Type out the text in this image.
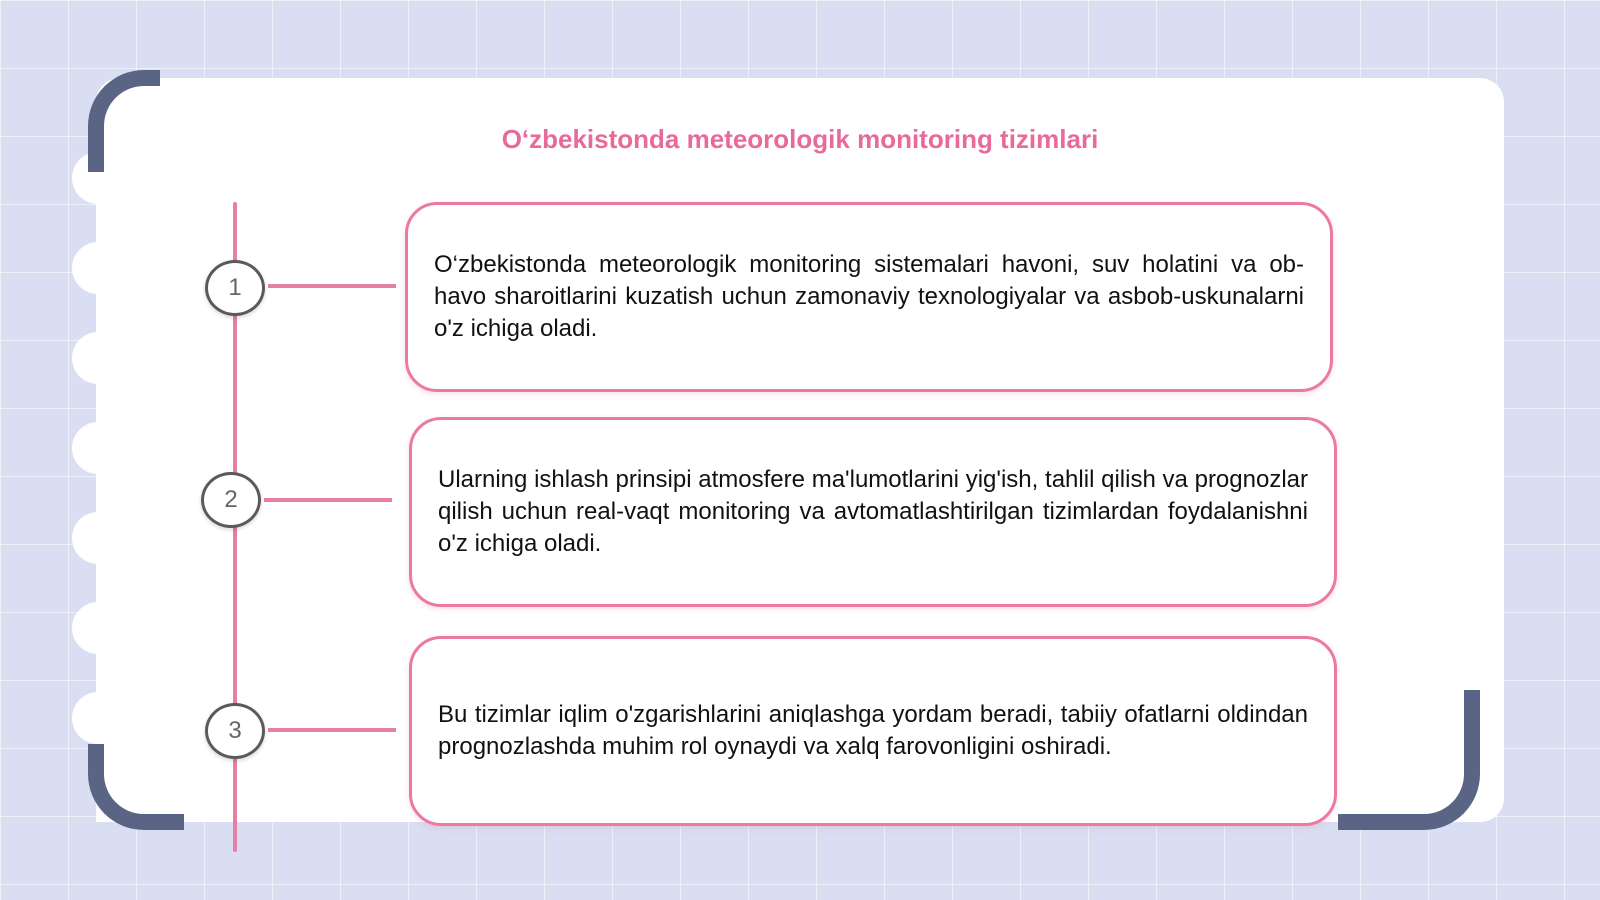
Oʻzbekistonda meteorologik monitoring tizimlari
1
2
3

O‘zbekistonda meteorologik monitoring sistemalari havoni, suv holatini va ob-havo sharoitlarini kuzatish uchun zamonaviy texnologiyalar va asbob-uskunalarni o'z ichiga oladi.

Ularning ishlash prinsipi atmosfere ma'lumotlarini yig'ish, tahlil qilish va prognozlar qilish uchun real-vaqt monitoring va avtomatlashtirilgan tizimlardan foydalanishni o'z ichiga oladi.

Bu tizimlar iqlim o'zgarishlarini aniqlashga yordam beradi, tabiiy ofatlarni oldindan prognozlashda muhim rol oynaydi va xalq farovonligini oshiradi.
